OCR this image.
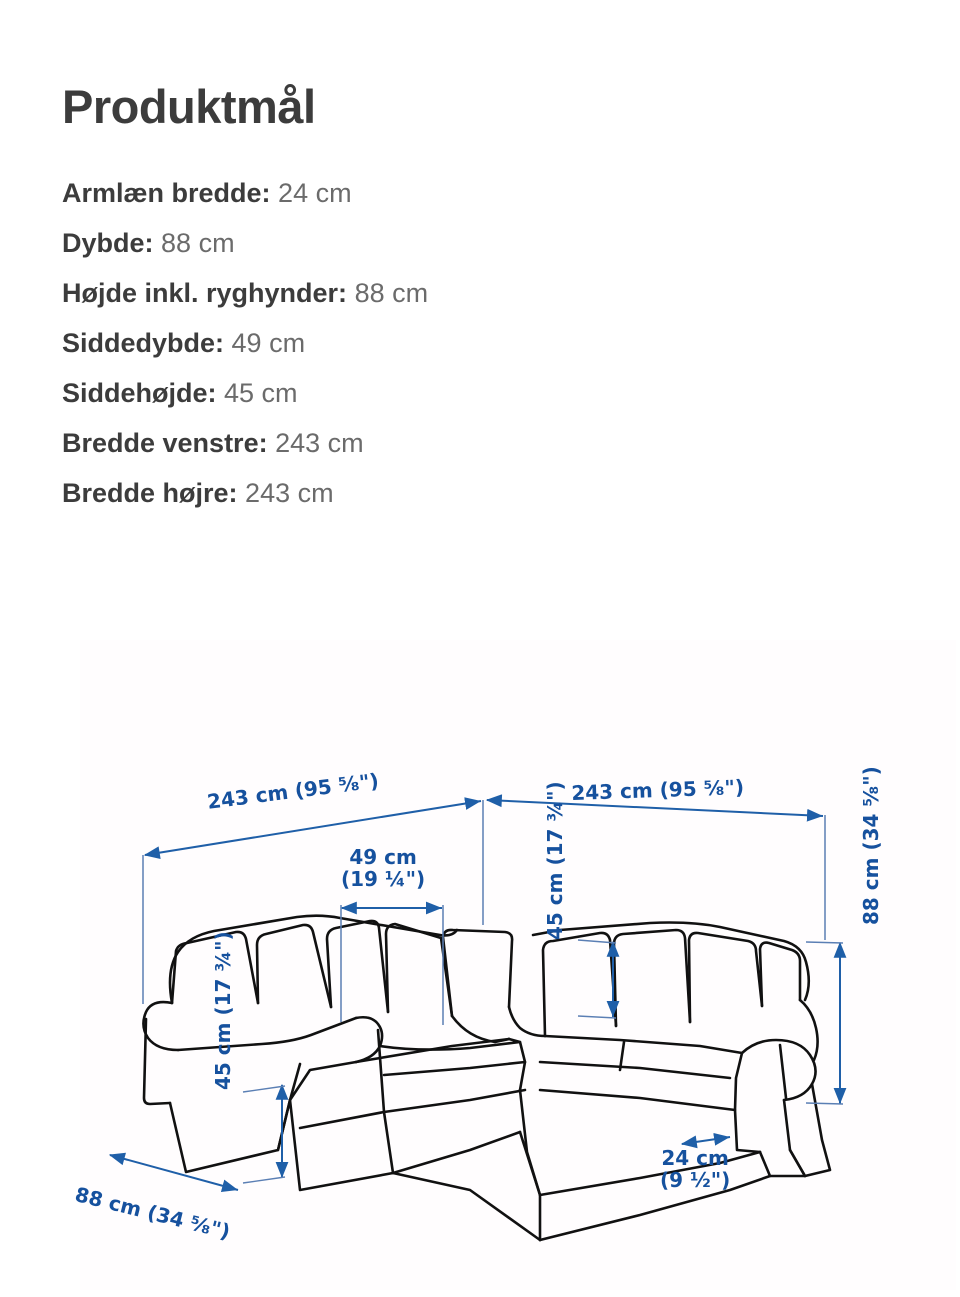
Produktmål
Armlæn bredde: 24 cm
Dybde: 88 cm
Højde inkl. ryghynder: 88 cm
Siddedybde: 49 cm
Siddehøjde: 45 cm
Bredde venstre: 243 cm
Bredde højre: 243 cm
243 cm (95 ⁵⁄₈")	243 cm (95 ⁵⁄₈")
49 cm
(19 ¼")	45 cm (17 ¾")	88 cm (34 ⁵⁄₈")
45 cm (17 ¾")
88 cm (34 ⁵⁄₈")
24 cm
(9 ½")
